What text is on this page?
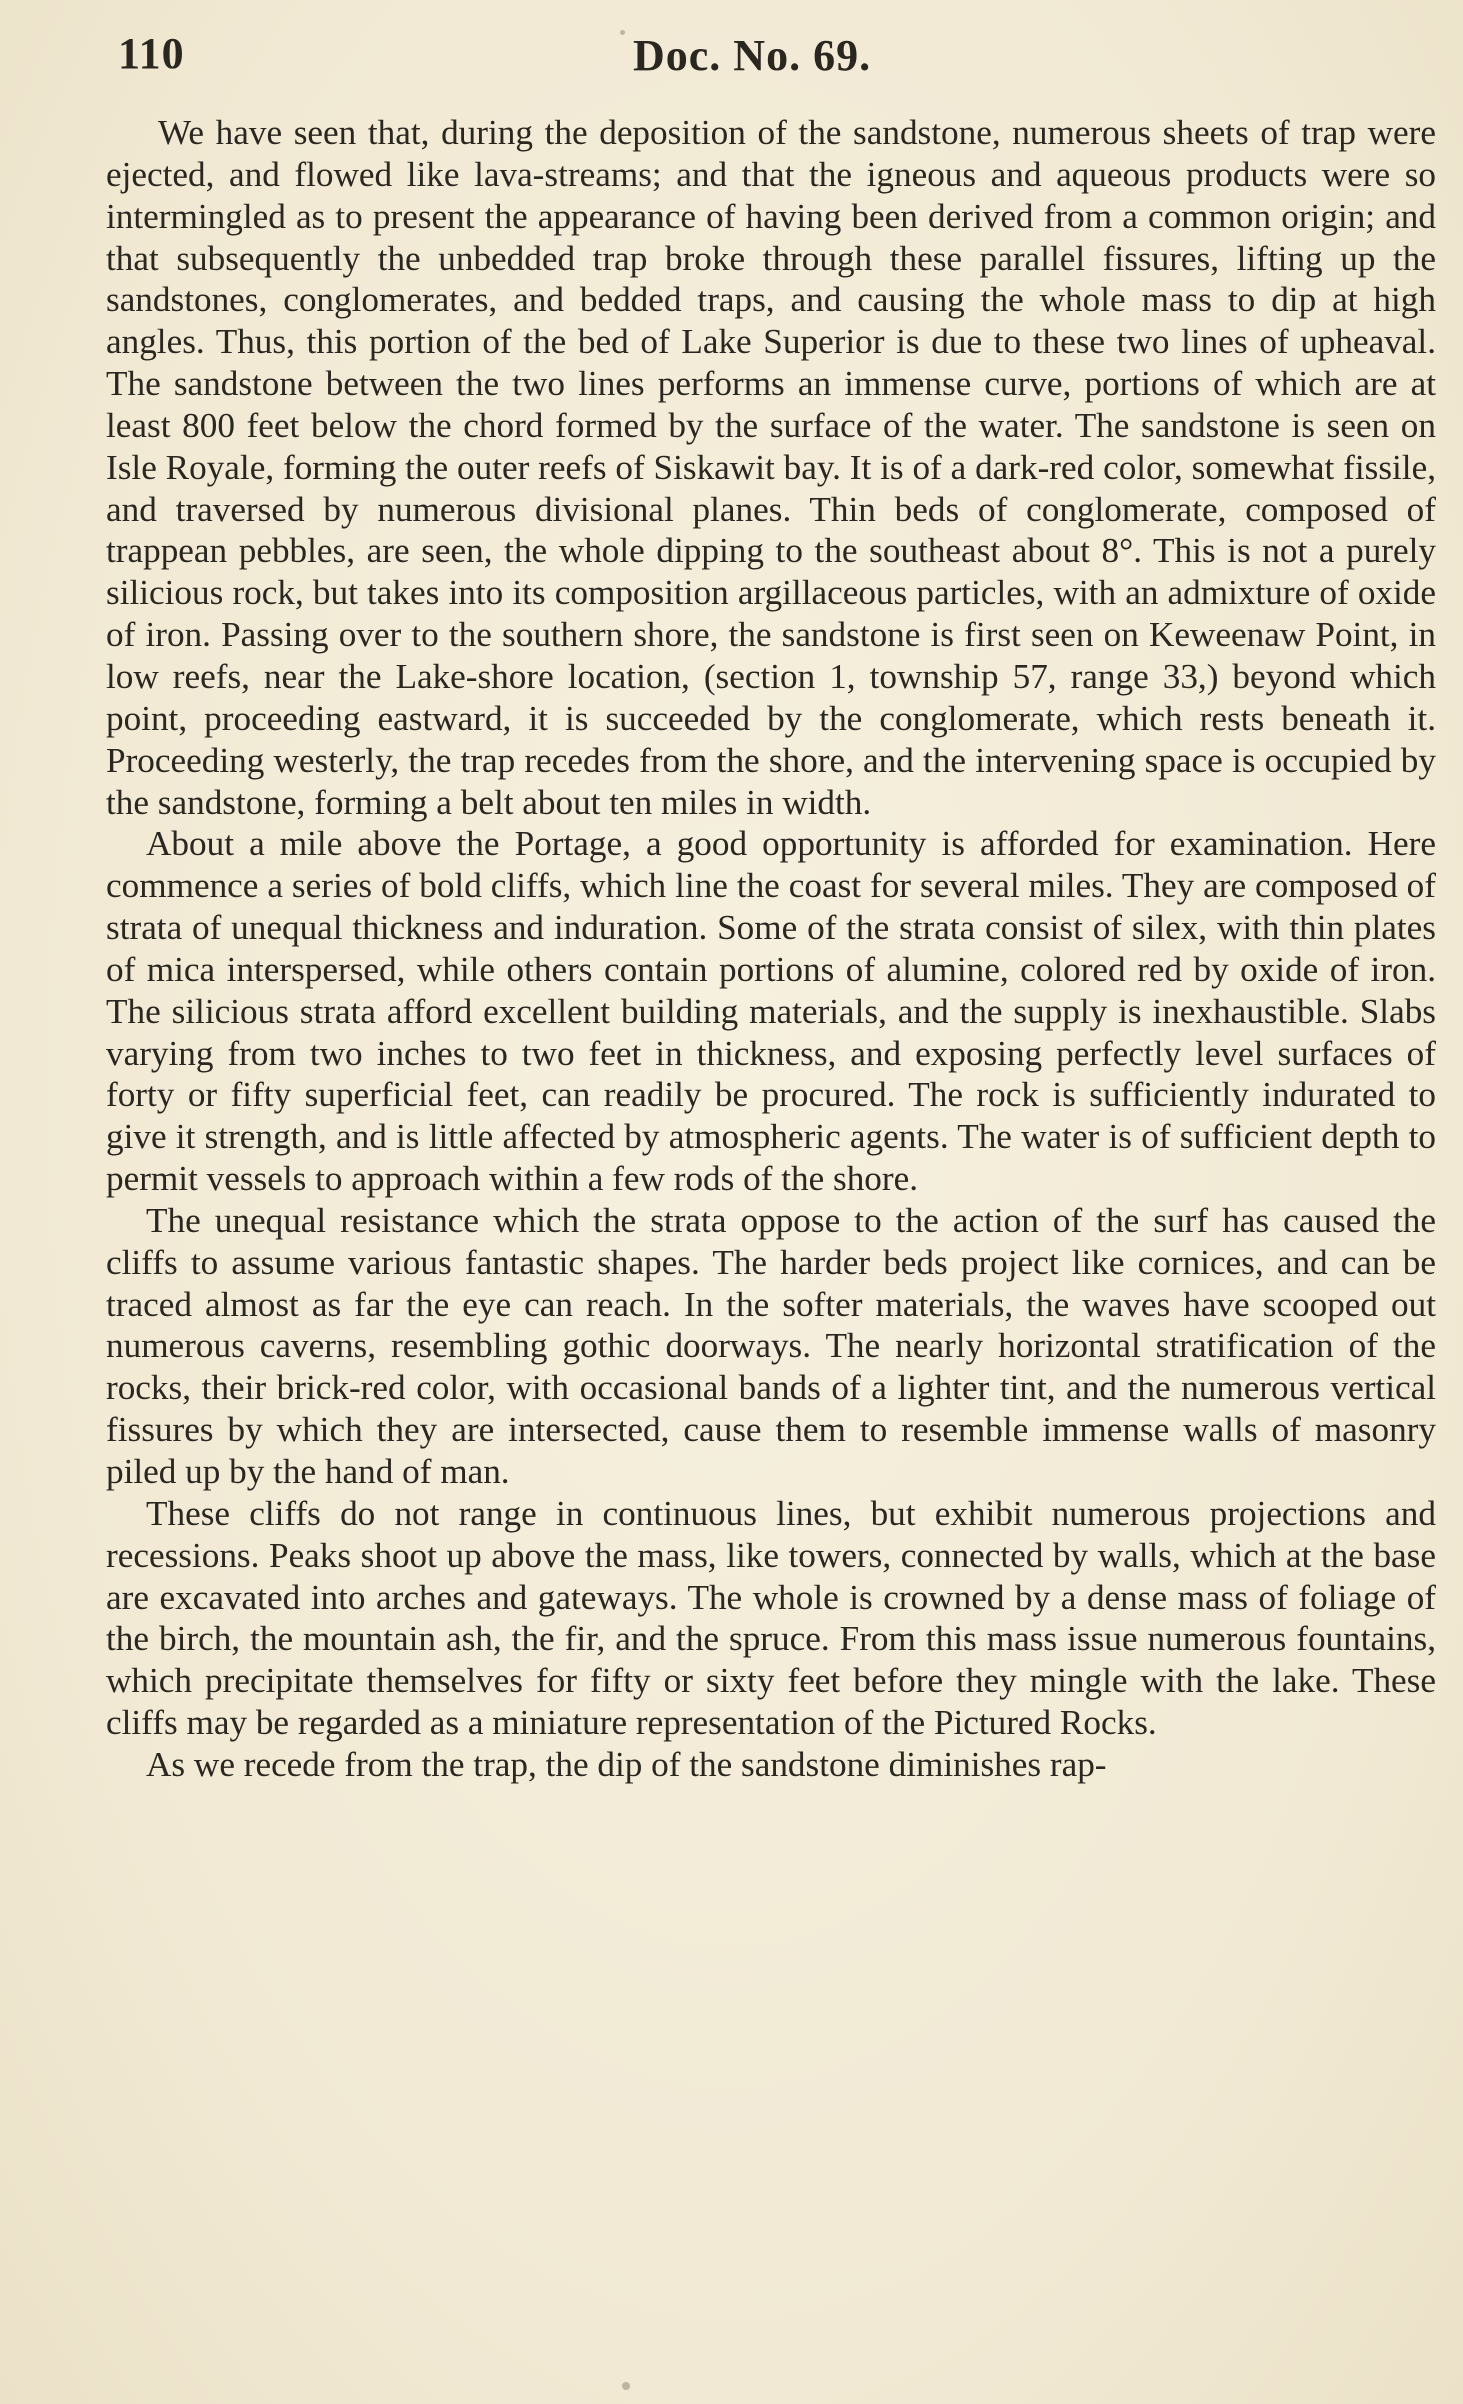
110	Doc. No. 69.

We have seen that, during the deposition of the sandstone, numerous sheets of trap were ejected, and flowed like lava-streams; and that the igneous and aqueous products were so intermingled as to present the appearance of having been derived from a common origin; and that subsequently the unbedded trap broke through these parallel fissures, lifting up the sandstones, conglomerates, and bedded traps, and causing the whole mass to dip at high angles. Thus, this portion of the bed of Lake Superior is due to these two lines of upheaval. The sandstone between the two lines performs an immense curve, portions of which are at least 800 feet below the chord formed by the surface of the water. The sandstone is seen on Isle Royale, forming the outer reefs of Siskawit bay. It is of a dark-red color, somewhat fissile, and traversed by numerous divisional planes. Thin beds of conglomerate, composed of trappean pebbles, are seen, the whole dipping to the southeast about 8°. This is not a purely silicious rock, but takes into its composition argillaceous particles, with an admixture of oxide of iron. Passing over to the southern shore, the sandstone is first seen on Keweenaw Point, in low reefs, near the Lake-shore location, (section 1, township 57, range 33,) beyond which point, proceeding eastward, it is succeeded by the conglomerate, which rests beneath it. Proceeding westerly, the trap recedes from the shore, and the intervening space is occupied by the sandstone, forming a belt about ten miles in width.

About a mile above the Portage, a good opportunity is afforded for examination. Here commence a series of bold cliffs, which line the coast for several miles. They are composed of strata of unequal thickness and induration. Some of the strata consist of silex, with thin plates of mica interspersed, while others contain portions of alumine, colored red by oxide of iron. The silicious strata afford excellent building materials, and the supply is inexhaustible. Slabs varying from two inches to two feet in thickness, and exposing perfectly level surfaces of forty or fifty superficial feet, can readily be procured. The rock is sufficiently indurated to give it strength, and is little affected by atmospheric agents. The water is of sufficient depth to permit vessels to approach within a few rods of the shore.

The unequal resistance which the strata oppose to the action of the surf has caused the cliffs to assume various fantastic shapes. The harder beds project like cornices, and can be traced almost as far the eye can reach. In the softer materials, the waves have scooped out numerous caverns, resembling gothic doorways. The nearly horizontal stratification of the rocks, their brick-red color, with occasional bands of a lighter tint, and the numerous vertical fissures by which they are intersected, cause them to resemble immense walls of masonry piled up by the hand of man.

These cliffs do not range in continuous lines, but exhibit numerous projections and recessions. Peaks shoot up above the mass, like towers, connected by walls, which at the base are excavated into arches and gateways. The whole is crowned by a dense mass of foliage of the birch, the mountain ash, the fir, and the spruce. From this mass issue numerous fountains, which precipitate themselves for fifty or sixty feet before they mingle with the lake. These cliffs may be regarded as a miniature representation of the Pictured Rocks.

As we recede from the trap, the dip of the sandstone diminishes rap-
